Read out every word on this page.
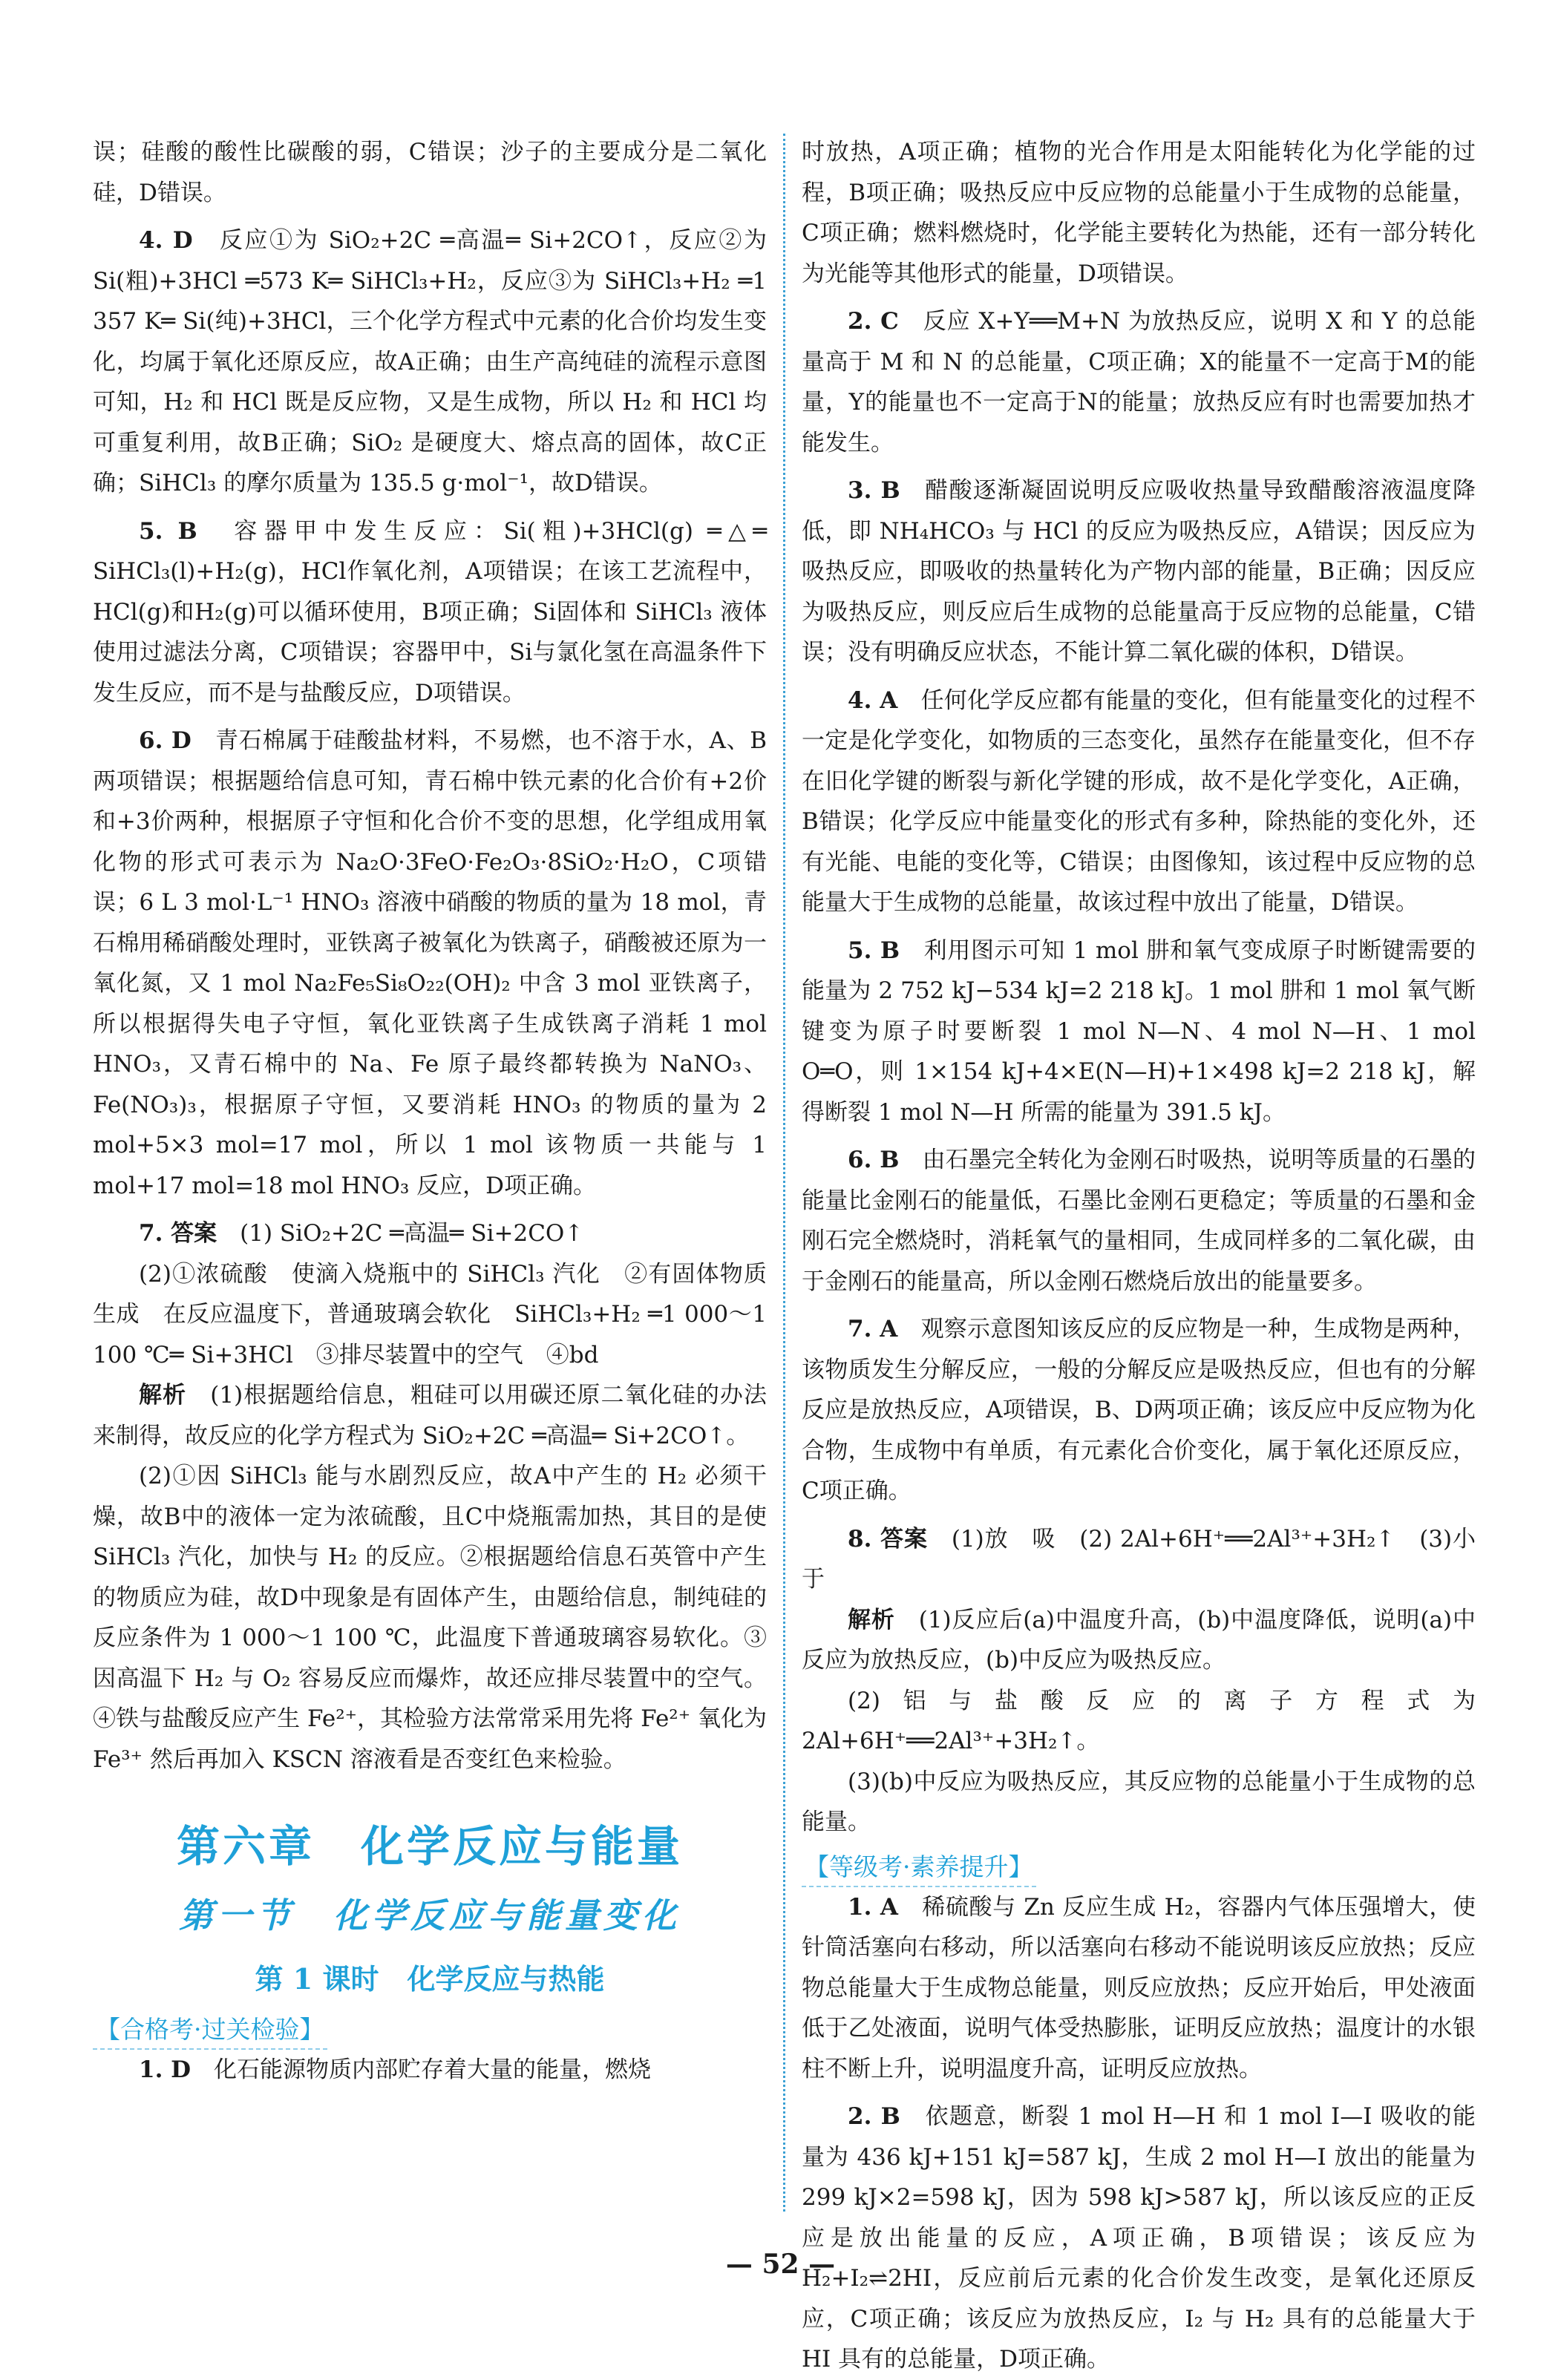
误；硅酸的酸性比碳酸的弱，C错误；沙子的主要成分是二氧化硅，D错误。

4. D　 反应①为 SiO₂+2C ═高温═ Si+2CO↑，反应②为 Si(粗)+3HCl ═573 K═ SiHCl₃+H₂，反应③为 SiHCl₃+H₂ ═1 357 K═ Si(纯)+3HCl，三个化学方程式中元素的化合价均发生变化，均属于氧化还原反应，故A正确；由生产高纯硅的流程示意图可知，H₂ 和 HCl 既是反应物，又是生成物，所以 H₂ 和 HCl 均可重复利用，故B正确；SiO₂ 是硬度大、熔点高的固体，故C正确；SiHCl₃ 的摩尔质量为 135.5 g·mol⁻¹，故D错误。

5. B　 容器甲中发生反应：Si(粗)+3HCl(g) ═△═ SiHCl₃(l)+H₂(g)，HCl作氧化剂，A项错误；在该工艺流程中，HCl(g)和H₂(g)可以循环使用，B项正确；Si固体和 SiHCl₃ 液体使用过滤法分离，C项错误；容器甲中，Si与氯化氢在高温条件下发生反应，而不是与盐酸反应，D项错误。

6. D　 青石棉属于硅酸盐材料，不易燃，也不溶于水，A、B两项错误；根据题给信息可知，青石棉中铁元素的化合价有+2价和+3价两种，根据原子守恒和化合价不变的思想，化学组成用氧化物的形式可表示为 Na₂O·3FeO·Fe₂O₃·8SiO₂·H₂O，C项错误；6 L 3 mol·L⁻¹ HNO₃ 溶液中硝酸的物质的量为 18 mol，青石棉用稀硝酸处理时，亚铁离子被氧化为铁离子，硝酸被还原为一氧化氮，又 1 mol Na₂Fe₅Si₈O₂₂(OH)₂ 中含 3 mol 亚铁离子，所以根据得失电子守恒，氧化亚铁离子生成铁离子消耗 1 mol HNO₃，又青石棉中的 Na、Fe 原子最终都转换为 NaNO₃、Fe(NO₃)₃，根据原子守恒，又要消耗 HNO₃ 的物质的量为 2 mol+5×3 mol=17 mol，所以 1 mol 该物质一共能与 1 mol+17 mol=18 mol HNO₃ 反应，D项正确。

7. 答案　 (1) SiO₂+2C ═高温═ Si+2CO↑

(2)①浓硫酸　使滴入烧瓶中的 SiHCl₃ 汽化　②有固体物质生成　在反应温度下，普通玻璃会软化　SiHCl₃+H₂ ═1 000～1 100 ℃═ Si+3HCl　③排尽装置中的空气　④bd

解析　 (1)根据题给信息，粗硅可以用碳还原二氧化硅的办法来制得，故反应的化学方程式为 SiO₂+2C ═高温═ Si+2CO↑。

(2)①因 SiHCl₃ 能与水剧烈反应，故A中产生的 H₂ 必须干燥，故B中的液体一定为浓硫酸，且C中烧瓶需加热，其目的是使 SiHCl₃ 汽化，加快与 H₂ 的反应。②根据题给信息石英管中产生的物质应为硅，故D中现象是有固体产生，由题给信息，制纯硅的反应条件为 1 000～1 100 ℃，此温度下普通玻璃容易软化。③因高温下 H₂ 与 O₂ 容易反应而爆炸，故还应排尽装置中的空气。④铁与盐酸反应产生 Fe²⁺，其检验方法常常采用先将 Fe²⁺ 氧化为 Fe³⁺ 然后再加入 KSCN 溶液看是否变红色来检验。

第六章　化学反应与能量
第一节　化学反应与能量变化
第 1 课时　化学反应与热能
【合格考·过关检验】

1. D　 化石能源物质内部贮存着大量的能量，燃烧

时放热，A项正确；植物的光合作用是太阳能转化为化学能的过程，B项正确；吸热反应中反应物的总能量小于生成物的总能量，C项正确；燃料燃烧时，化学能主要转化为热能，还有一部分转化为光能等其他形式的能量，D项错误。

2. C　 反应 X+Y══M+N 为放热反应，说明 X 和 Y 的总能量高于 M 和 N 的总能量，C项正确；X的能量不一定高于M的能量，Y的能量也不一定高于N的能量；放热反应有时也需要加热才能发生。

3. B　 醋酸逐渐凝固说明反应吸收热量导致醋酸溶液温度降低，即 NH₄HCO₃ 与 HCl 的反应为吸热反应，A错误；因反应为吸热反应，即吸收的热量转化为产物内部的能量，B正确；因反应为吸热反应，则反应后生成物的总能量高于反应物的总能量，C错误；没有明确反应状态，不能计算二氧化碳的体积，D错误。

4. A　 任何化学反应都有能量的变化，但有能量变化的过程不一定是化学变化，如物质的三态变化，虽然存在能量变化，但不存在旧化学键的断裂与新化学键的形成，故不是化学变化，A正确，B错误；化学反应中能量变化的形式有多种，除热能的变化外，还有光能、电能的变化等，C错误；由图像知，该过程中反应物的总能量大于生成物的总能量，故该过程中放出了能量，D错误。

5. B　 利用图示可知 1 mol 肼和氧气变成原子时断键需要的能量为 2 752 kJ−534 kJ=2 218 kJ。1 mol 肼和 1 mol 氧气断键变为原子时要断裂 1 mol N—N、4 mol N—H、1 mol O═O，则 1×154 kJ+4×E(N—H)+1×498 kJ=2 218 kJ，解得断裂 1 mol N—H 所需的能量为 391.5 kJ。

6. B　 由石墨完全转化为金刚石时吸热，说明等质量的石墨的能量比金刚石的能量低，石墨比金刚石更稳定；等质量的石墨和金刚石完全燃烧时，消耗氧气的量相同，生成同样多的二氧化碳，由于金刚石的能量高，所以金刚石燃烧后放出的能量要多。

7. A　 观察示意图知该反应的反应物是一种，生成物是两种，该物质发生分解反应，一般的分解反应是吸热反应，但也有的分解反应是放热反应，A项错误，B、D两项正确；该反应中反应物为化合物，生成物中有单质，有元素化合价变化，属于氧化还原反应，C项正确。

8. 答案　 (1)放　吸　(2) 2Al+6H⁺══2Al³⁺+3H₂↑　(3)小于

解析　 (1)反应后(a)中温度升高，(b)中温度降低，说明(a)中反应为放热反应，(b)中反应为吸热反应。

(2)铝与盐酸反应的离子方程式为 2Al+6H⁺══2Al³⁺+3H₂↑。

(3)(b)中反应为吸热反应，其反应物的总能量小于生成物的总能量。

【等级考·素养提升】

1. A　 稀硫酸与 Zn 反应生成 H₂，容器内气体压强增大，使针筒活塞向右移动，所以活塞向右移动不能说明该反应放热；反应物总能量大于生成物总能量，则反应放热；反应开始后，甲处液面低于乙处液面，说明气体受热膨胀，证明反应放热；温度计的水银柱不断上升，说明温度升高，证明反应放热。

2. B　 依题意，断裂 1 mol H—H 和 1 mol I—I 吸收的能量为 436 kJ+151 kJ=587 kJ，生成 2 mol H—I 放出的能量为 299 kJ×2=598 kJ，因为 598 kJ>587 kJ，所以该反应的正反应是放出能量的反应，A项正确，B项错误；该反应为 H₂+I₂⇌2HI，反应前后元素的化合价发生改变，是氧化还原反应，C项正确；该反应为放热反应，I₂ 与 H₂ 具有的总能量大于 HI 具有的总能量，D项正确。

— 52 —
